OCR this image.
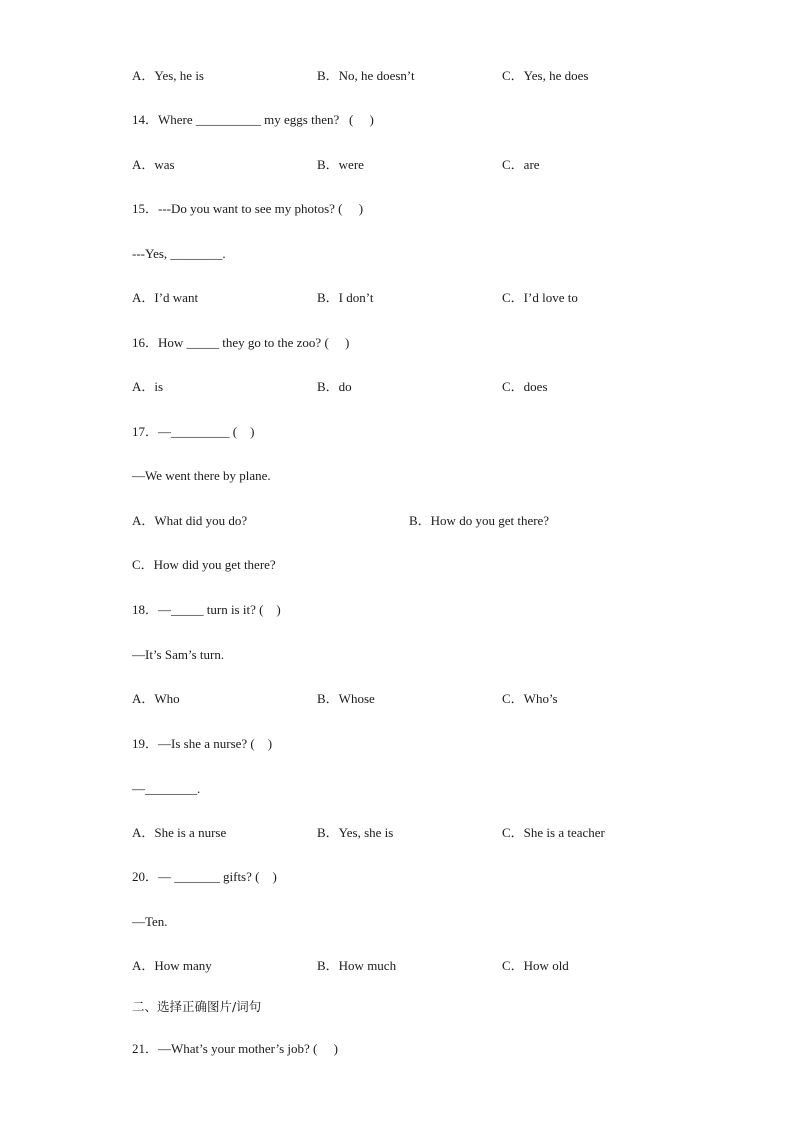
A．Yes, he is	B．No, he doesn’t	C．Yes, he does
14．Where __________ my eggs then?   (     )
A．was	B．were	C．are
15．---Do you want to see my photos? (     )
---Yes, ________.
A．I’d want	B．I don’t	C．I’d love to
16．How _____ they go to the zoo? (     )
A．is	B．do	C．does
17．—_________ (    )
—We went there by plane.
A．What did you do?	B．How do you get there?
C．How did you get there?
18．—_____ turn is it? (    )
—It’s Sam’s turn.
A．Who	B．Whose	C．Who’s
19．—Is she a nurse? (    )
—________.
A．She is a nurse	B．Yes, she is	C．She is a teacher
20．— _______ gifts? (    )
—Ten.
A．How many	B．How much	C．How old
二、选择正确图片/词句
21．—What’s your mother’s job? (     )
